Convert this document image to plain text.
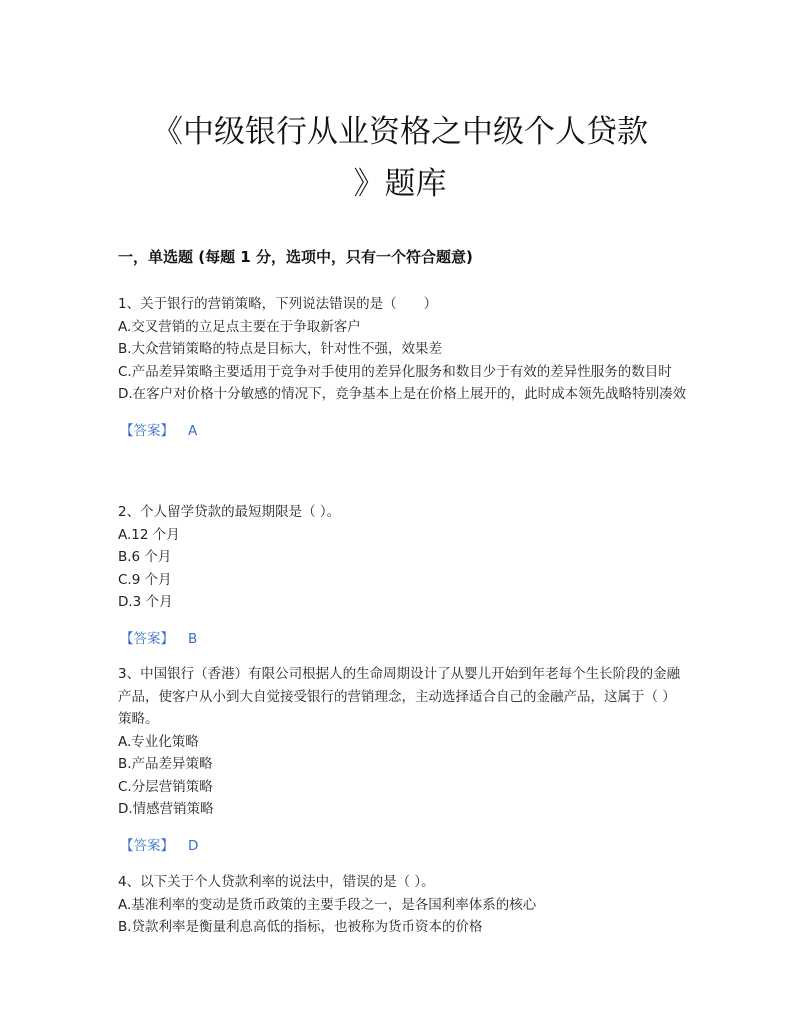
《中级银行从业资格之中级个人贷款
》题库
一，单选题 (每题 1 分，选项中，只有一个符合题意)

1、关于银行的营销策略，下列说法错误的是（　　）

A.交叉营销的立足点主要在于争取新客户

B.大众营销策略的特点是目标大，针对性不强，效果差

C.产品差异策略主要适用于竞争对手使用的差异化服务和数目少于有效的差异性服务的数目时

D.在客户对价格十分敏感的情况下，竞争基本上是在价格上展开的，此时成本领先战略特别凑效

【答案】 A

2、个人留学贷款的最短期限是（ ）。

A.12 个月

B.6 个月

C.9 个月

D.3 个月

【答案】 B

3、中国银行（香港）有限公司根据人的生命周期设计了从婴儿开始到年老每个生长阶段的金融产品，使客户从小到大自觉接受银行的营销理念，主动选择适合自己的金融产品，这属于（ ）策略。

A.专业化策略

B.产品差异策略

C.分层营销策略

D.情感营销策略

【答案】 D

4、以下关于个人贷款利率的说法中，错误的是（ ）。

A.基准利率的变动是货币政策的主要手段之一，是各国利率体系的核心

B.贷款利率是衡量利息高低的指标，也被称为货币资本的价格
